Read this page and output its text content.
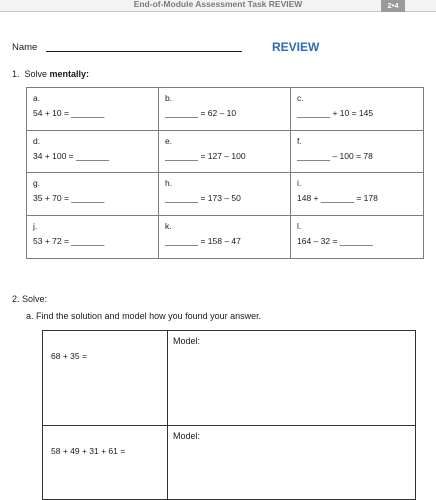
End-of-Module Assessment Task REVIEW	2•4
Name	REVIEW
1. Solve mentally:
a.
54 + 10 = _______
b.
_______ = 62 – 10
c.
_______ + 10 = 145
d.
34 + 100 = _______
e.
_______ = 127 – 100
f.
_______ – 100 = 78
g.
35 + 70 = _______
h.
_______ = 173 – 50
i.
148 + _______ = 178
j.
53 + 72 = _______
k.
_______ = 158 – 47
l.
164 – 32 = _______
2. Solve:
a. Find the solution and model how you found your answer.
68 + 35 =
Model:
58 + 49 + 31 + 61 =
Model:
